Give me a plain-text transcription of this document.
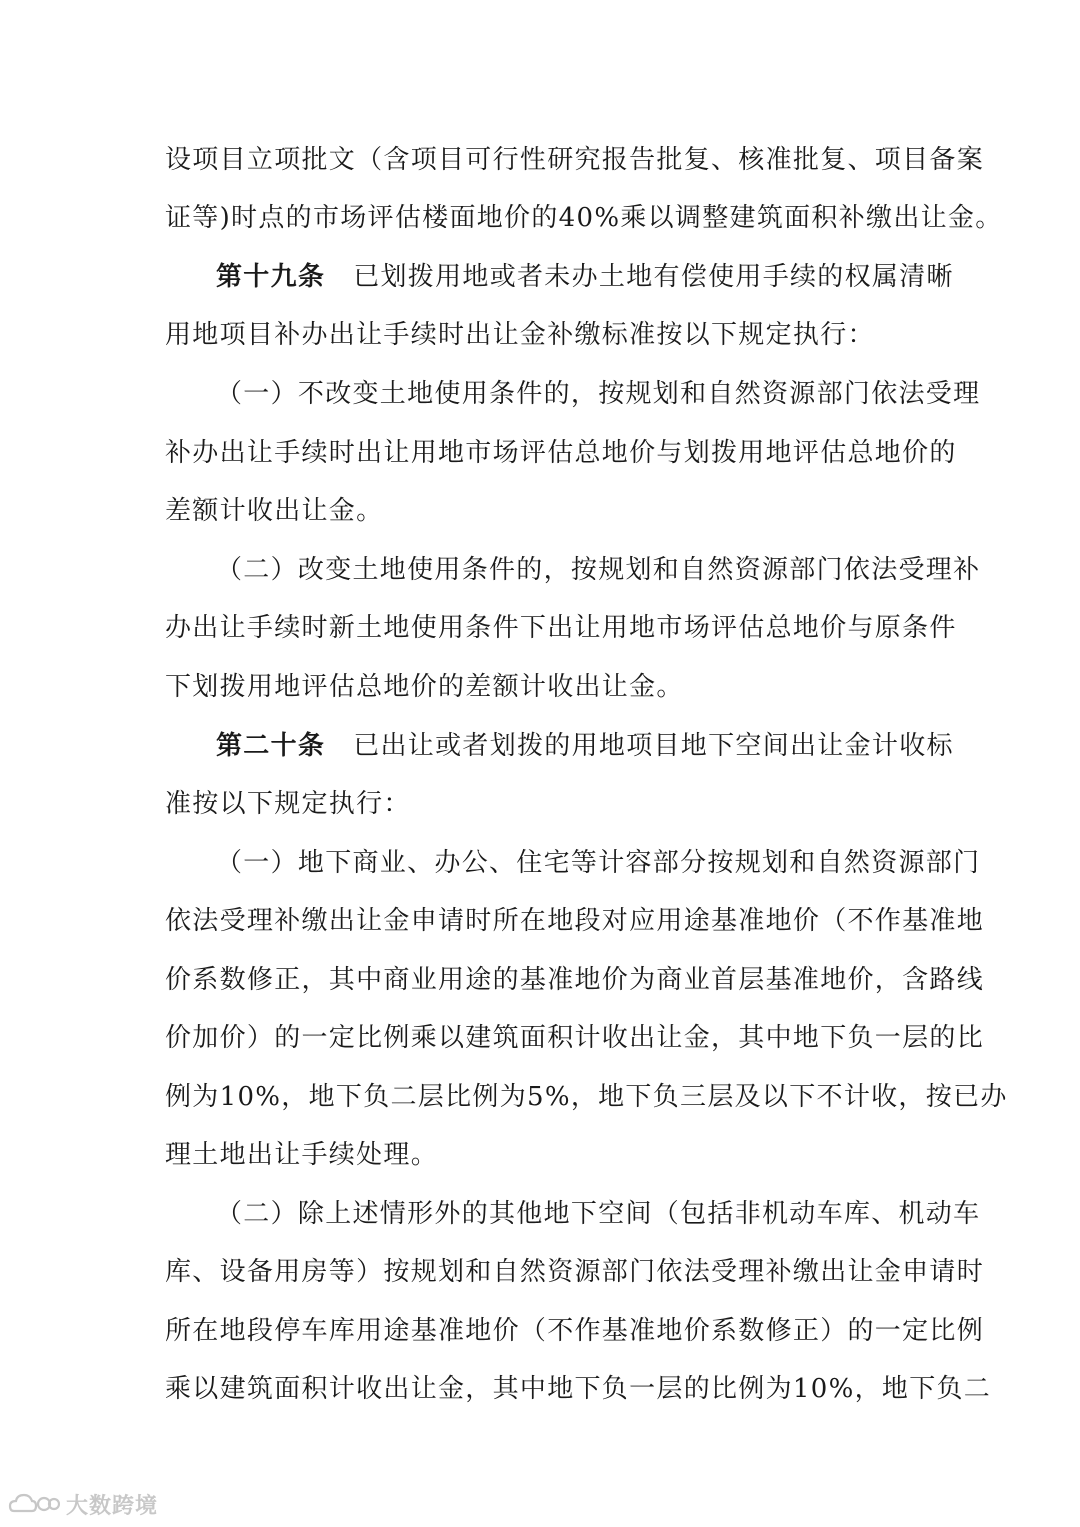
设项目立项批文（含项目可行性研究报告批复、核准批复、项目备案
证等)时点的市场评估楼面地价的40%乘以调整建筑面积补缴出让金。
第十九条 已划拨用地或者未办土地有偿使用手续的权属清晰
用地项目补办出让手续时出让金补缴标准按以下规定执行：
（一）不改变土地使用条件的，按规划和自然资源部门依法受理
补办出让手续时出让用地市场评估总地价与划拨用地评估总地价的
差额计收出让金。
（二）改变土地使用条件的，按规划和自然资源部门依法受理补
办出让手续时新土地使用条件下出让用地市场评估总地价与原条件
下划拨用地评估总地价的差额计收出让金。
第二十条 已出让或者划拨的用地项目地下空间出让金计收标
准按以下规定执行：
（一）地下商业、办公、住宅等计容部分按规划和自然资源部门
依法受理补缴出让金申请时所在地段对应用途基准地价（不作基准地
价系数修正，其中商业用途的基准地价为商业首层基准地价，含路线
价加价）的一定比例乘以建筑面积计收出让金，其中地下负一层的比
例为10%，地下负二层比例为5%，地下负三层及以下不计收，按已办
理土地出让手续处理。
（二）除上述情形外的其他地下空间（包括非机动车库、机动车
库、设备用房等）按规划和自然资源部门依法受理补缴出让金申请时
所在地段停车库用途基准地价（不作基准地价系数修正）的一定比例
乘以建筑面积计收出让金，其中地下负一层的比例为10%，地下负二
大数跨境
